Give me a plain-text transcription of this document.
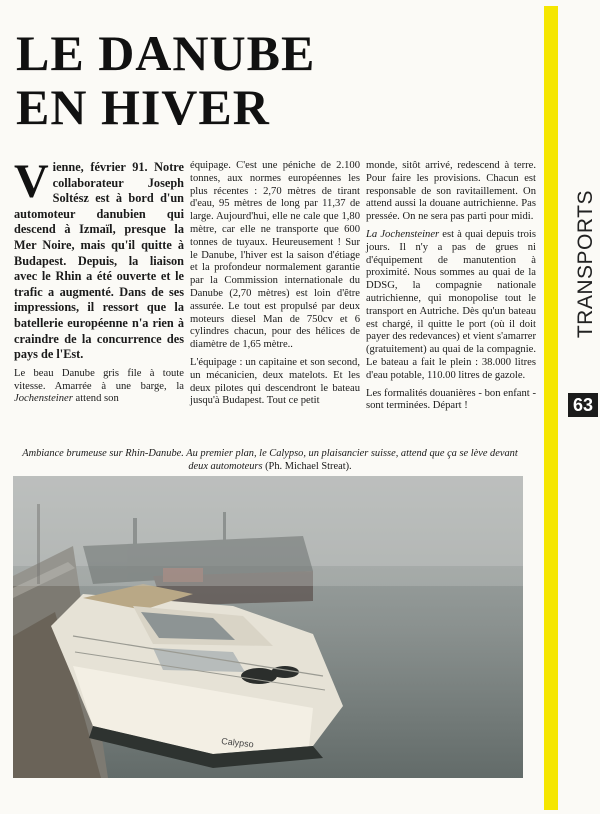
LE DANUBE
EN HIVER

Vienne, février 91. Notre collaborateur Joseph Soltész est à bord d'un automoteur danubien qui descend à Izmaïl, presque la Mer Noire, mais qu'il quitte à Budapest. Depuis, la liaison avec le Rhin a été ouverte et le trafic a augmenté. Dans de ses impressions, il ressort que la batellerie européenne n'a rien à craindre de la concurrence des pays de l'Est.

Le beau Danube gris file à toute vitesse. Amarrée à une barge, la Jochensteiner attend son

équipage. C'est une péniche de 2.100 tonnes, aux normes européennes les plus récentes : 2,70 mètres de tirant d'eau, 95 mètres de long par 11,37 de large. Aujourd'hui, elle ne cale que 1,80 mètre, car elle ne transporte que 600 tonnes de tuyaux. Heureusement ! Sur le Danube, l'hiver est la saison d'étiage et la profondeur normalement garantie par la Commission internationale du Danube (2,70 mètres) est loin d'être assurée. Le tout est propulsé par deux moteurs diesel Man de 750cv et 6 cylindres chacun, pour des hélices de diamètre de 1,65 mètre..

L'équipage : un capitaine et son second, un mécanicien, deux matelots. Et les deux pilotes qui descendront le bateau jusqu'à Budapest. Tout ce petit

monde, sitôt arrivé, redescend à terre. Pour faire les provisions. Chacun est responsable de son ravitaillement. On attend aussi la douane autrichienne. Pas pressée. On ne sera pas parti pour midi.

La Jochensteiner est à quai depuis trois jours. Il n'y a pas de grues ni d'équipement de manutention à proximité. Nous sommes au quai de la DDSG, la compagnie nationale autrichienne, qui monopolise tout le transport en Autriche. Dès qu'un bateau est chargé, il quitte le port (où il doit payer des redevances) et vient s'amarrer (gratuitement) au quai de la compagnie. Le bateau a fait le plein : 38.000 litres d'eau potable, 110.00 litres de gazole.

Les formalités douanières - bon enfant - sont terminées. Départ !

TRANSPORTS
63
Ambiance brumeuse sur Rhin-Danube. Au premier plan, le Calypso, un plaisancier suisse, attend que ça se lève devant deux automoteurs (Ph. Michael Streat).
Calypso
